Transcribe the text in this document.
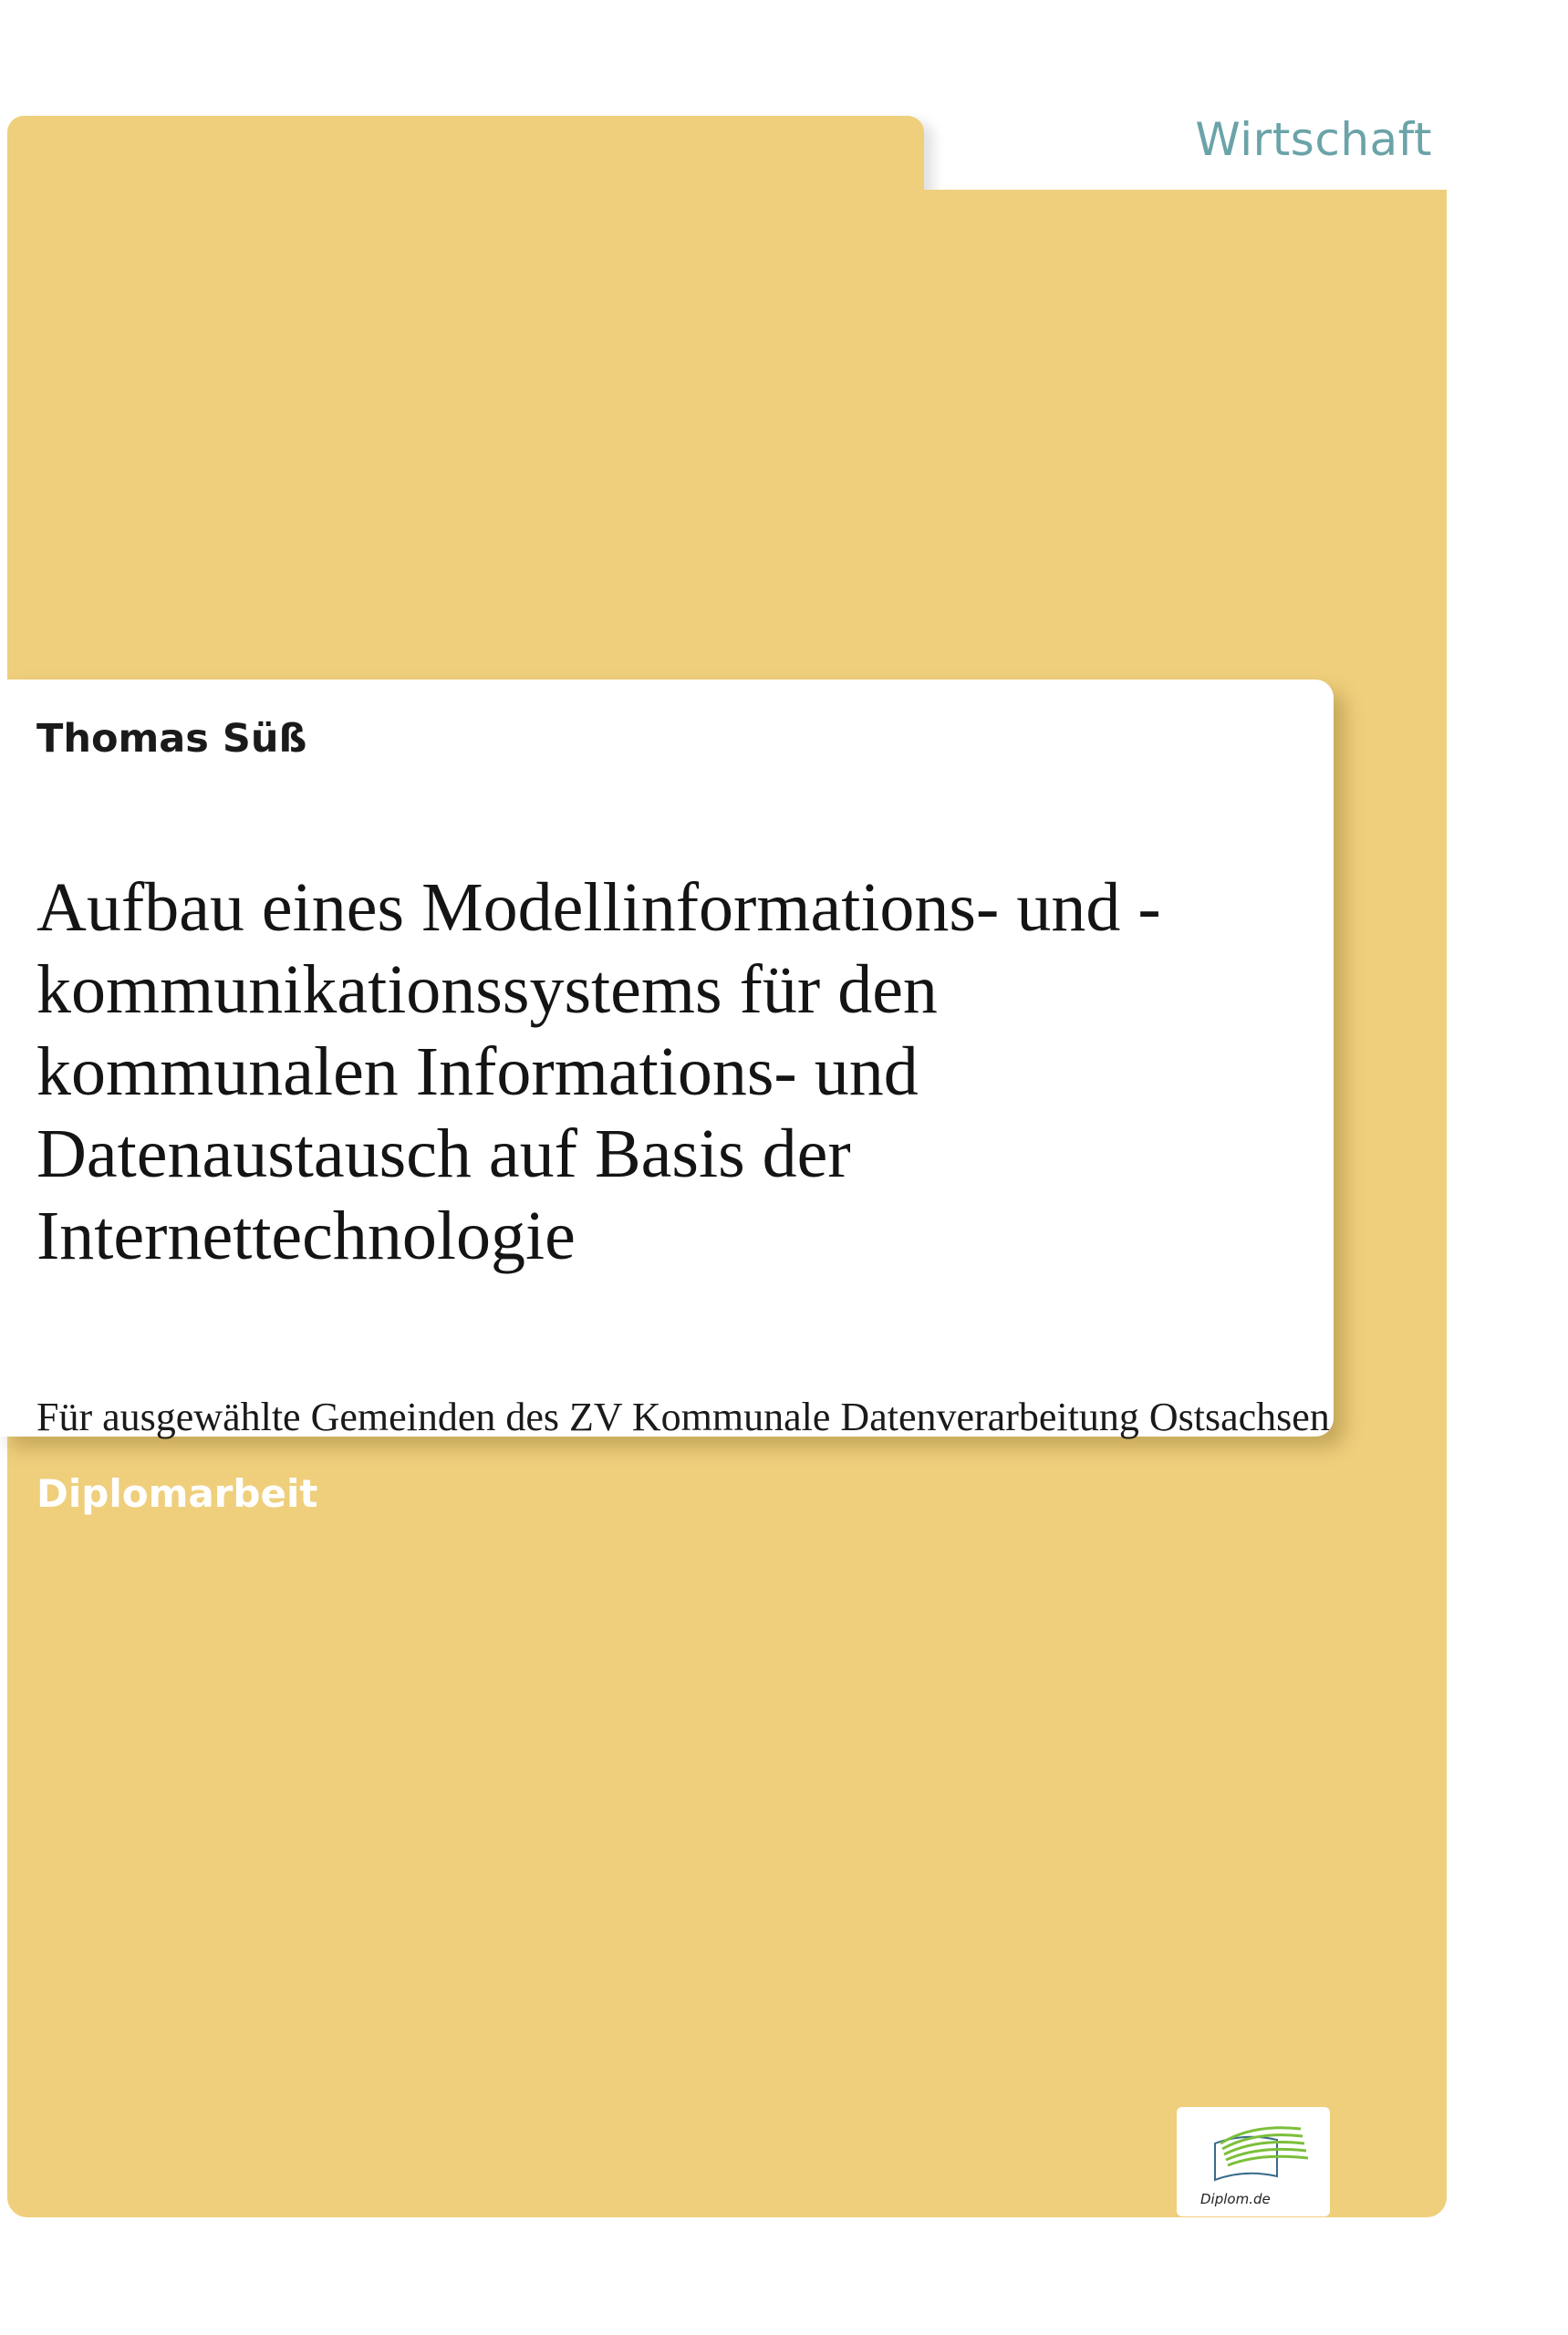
Wirtschaft

Thomas Süß

Aufbau eines Modellinformations- und -kommunikationssystems für den kommunalen Informations- und Datenaustausch auf Basis der Internettechnologie

Für ausgewählte Gemeinden des ZV Kommunale Datenverarbeitung Ostsachsen

Diplomarbeit

Diplom.de
